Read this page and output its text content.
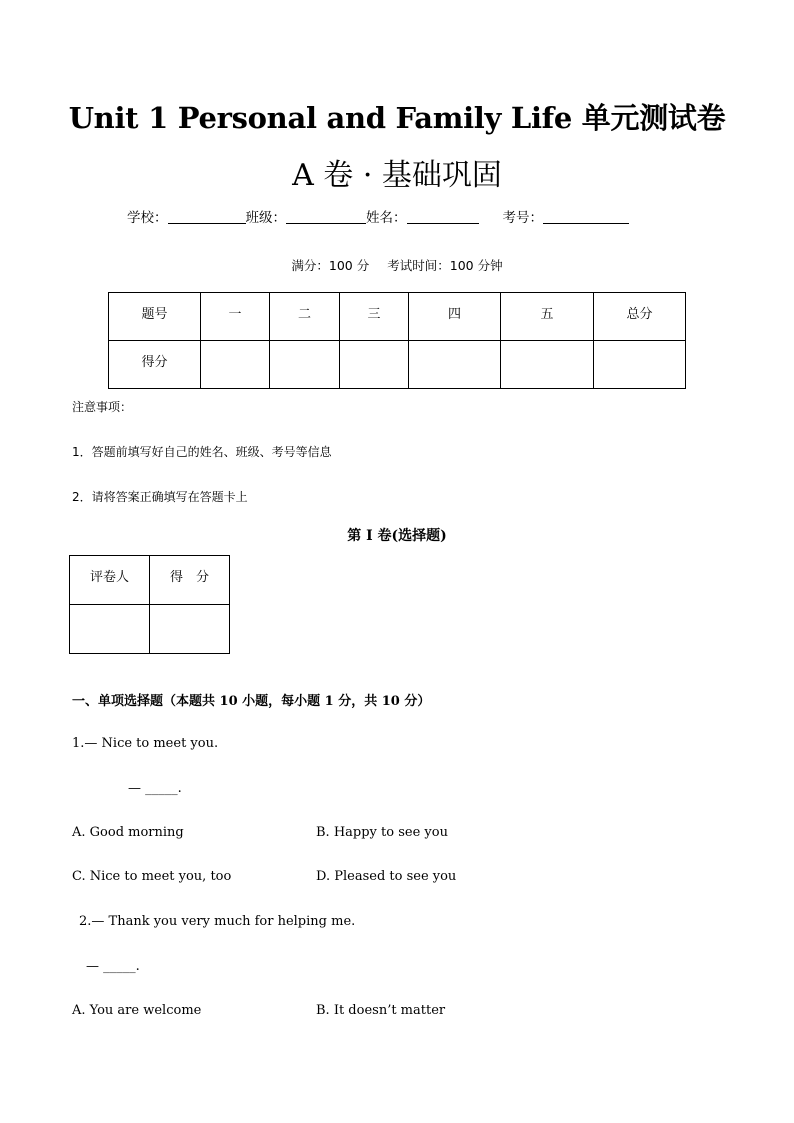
Unit 1 Personal and Family Life 单元测试卷
A 卷 · 基础巩固
学校：	班级：	姓名：	考号：
满分：100 分 考试时间：100 分钟
题号	一	二	三	四	五	总分
得分						
注意事项：
1．答题前填写好自己的姓名、班级、考号等信息
2．请将答案正确填写在答题卡上
第 I 卷(选择题)
评卷人	得　分

一、单项选择题（本题共 10 小题，每小题 1 分，共 10 分）
1.— Nice to meet you.
— _____.
A. Good morning	B. Happy to see you
C. Nice to meet you, too	D. Pleased to see you
2.— Thank you very much for helping me.
— _____.
A. You are welcome	B. It doesn’t matter
